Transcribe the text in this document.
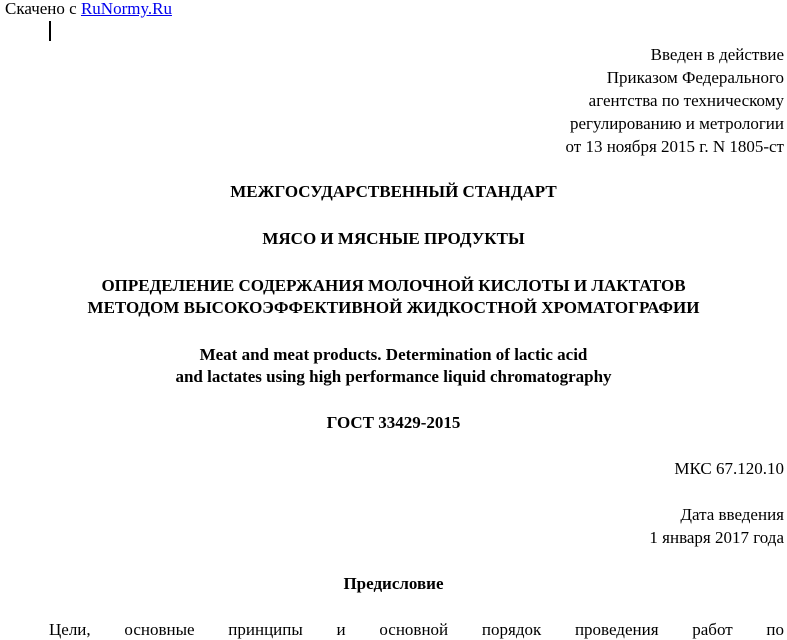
Скачено с RuNormy.Ru
Введен в действие
Приказом Федерального
агентства по техническому
регулированию и метрологии
от 13 ноября 2015 г. N 1805-ст
МЕЖГОСУДАРСТВЕННЫЙ СТАНДАРТ
МЯСО И МЯСНЫЕ ПРОДУКТЫ
ОПРЕДЕЛЕНИЕ СОДЕРЖАНИЯ МОЛОЧНОЙ КИСЛОТЫ И ЛАКТАТОВ
МЕТОДОМ ВЫСОКОЭФФЕКТИВНОЙ ЖИДКОСТНОЙ ХРОМАТОГРАФИИ
Meat and meat products. Determination of lactic acid
and lactates using high performance liquid chromatography
ГОСТ 33429-2015
МКС 67.120.10
Дата введения
1 января 2017 года
Предисловие
Цели, основные принципы и основной порядок проведения работ по
